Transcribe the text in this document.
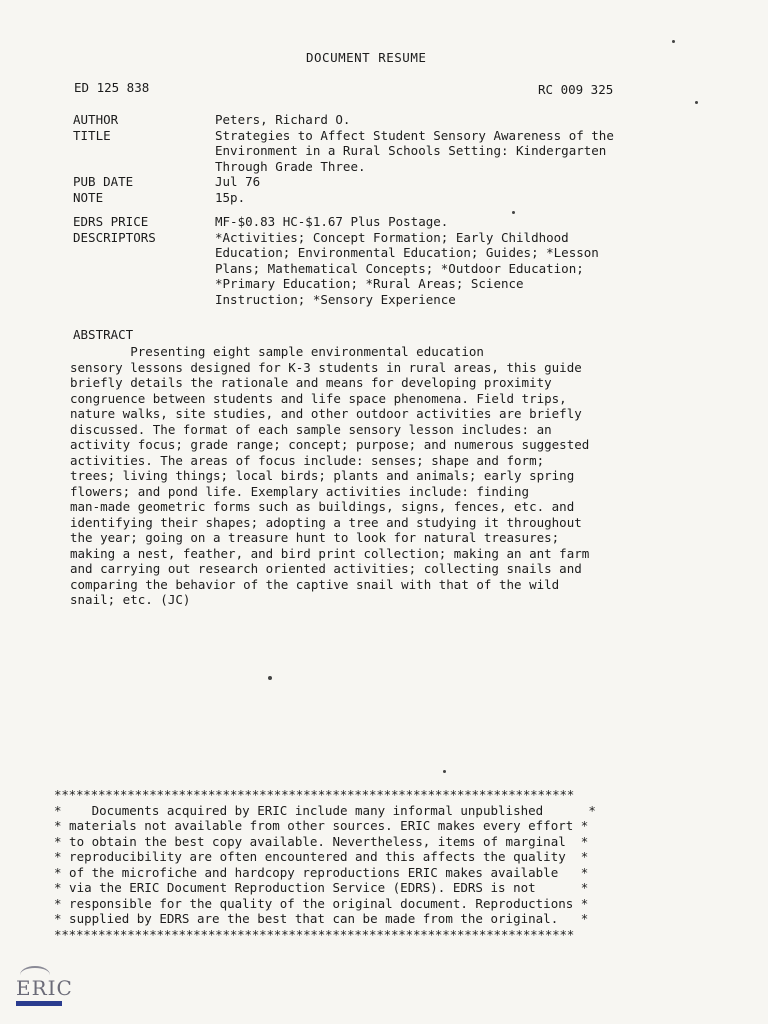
DOCUMENT RESUME
ED 125 838	RC 009 325
AUTHOR	Peters, Richard O.
TITLE	Strategies to Affect Student Sensory Awareness of the
Environment in a Rural Schools Setting: Kindergarten
Through Grade Three.
PUB DATE	Jul 76
NOTE	15p.
EDRS PRICE	MF-$0.83 HC-$1.67 Plus Postage.
DESCRIPTORS	*Activities; Concept Formation; Early Childhood
Education; Environmental Education; Guides; *Lesson
Plans; Mathematical Concepts; *Outdoor Education;
*Primary Education; *Rural Areas; Science
Instruction; *Sensory Experience
ABSTRACT
Presenting eight sample environmental education
sensory lessons designed for K-3 students in rural areas, this guide
briefly details the rationale and means for developing proximity
congruence between students and life space phenomena. Field trips,
nature walks, site studies, and other outdoor activities are briefly
discussed. The format of each sample sensory lesson includes: an
activity focus; grade range; concept; purpose; and numerous suggested
activities. The areas of focus include: senses; shape and form;
trees; living things; local birds; plants and animals; early spring
flowers; and pond life. Exemplary activities include: finding
man-made geometric forms such as buildings, signs, fences, etc. and
identifying their shapes; adopting a tree and studying it throughout
the year; going on a treasure hunt to look for natural treasures;
making a nest, feather, and bird print collection; making an ant farm
and carrying out research oriented activities; collecting snails and
comparing the behavior of the captive snail with that of the wild
snail; etc. (JC)
***********************************************************************
*    Documents acquired by ERIC include many informal unpublished      *
* materials not available from other sources. ERIC makes every effort *
* to obtain the best copy available. Nevertheless, items of marginal  *
* reproducibility are often encountered and this affects the quality  *
* of the microfiche and hardcopy reproductions ERIC makes available   *
* via the ERIC Document Reproduction Service (EDRS). EDRS is not      *
* responsible for the quality of the original document. Reproductions *
* supplied by EDRS are the best that can be made from the original.   *
***********************************************************************
ERIC
